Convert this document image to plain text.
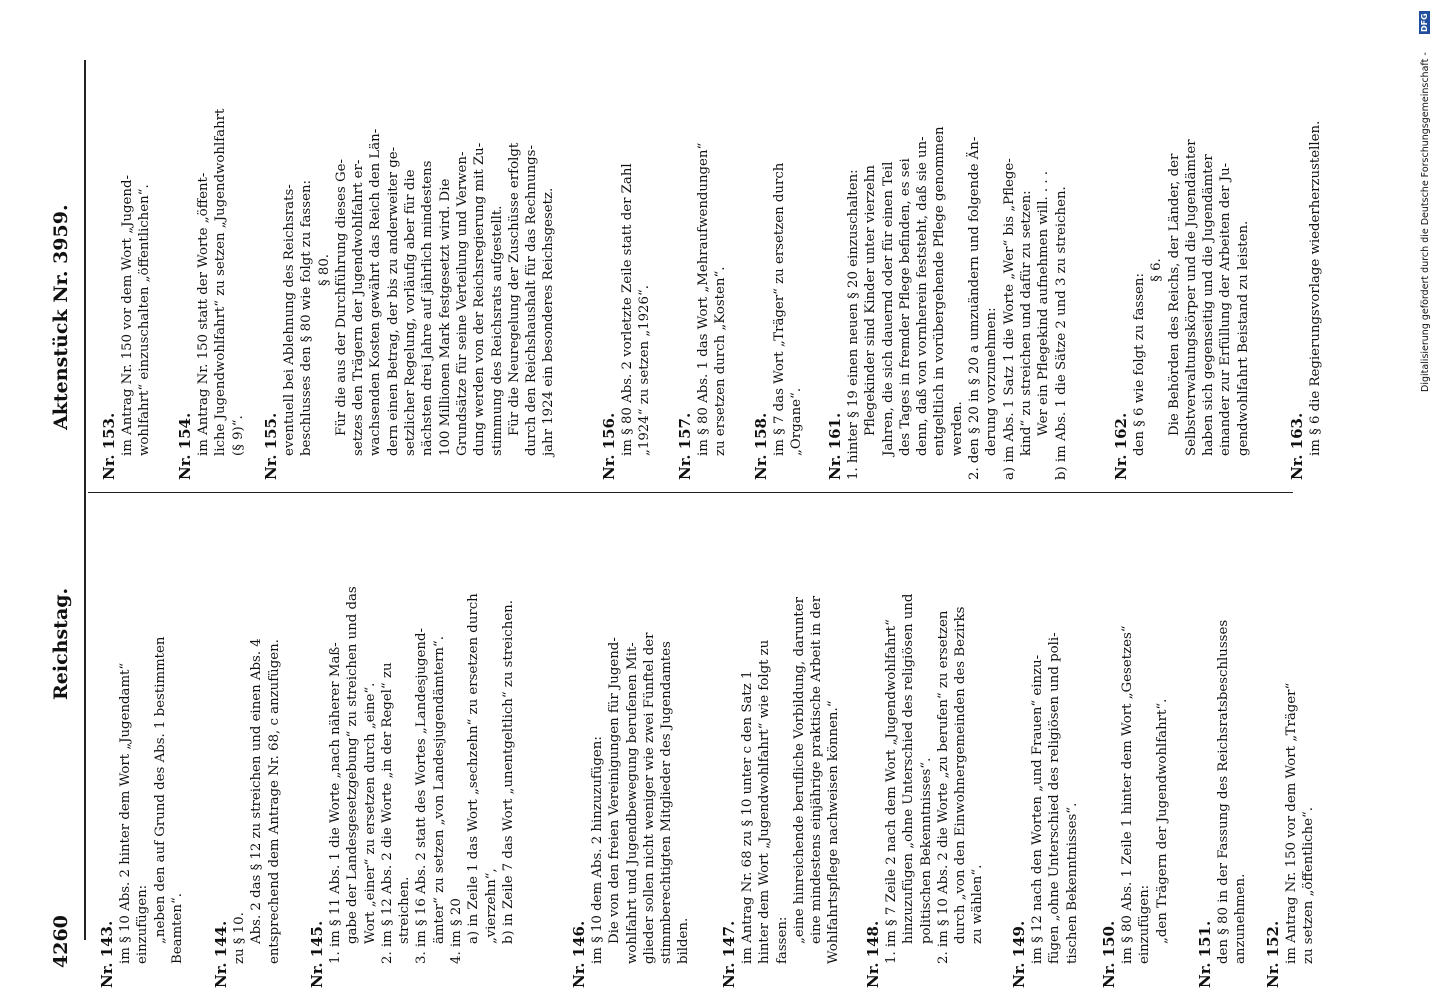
4260
Reichstag.
Aktenstück Nr. 3959.
Nr. 143. im § 10 Abs. 2 hinter dem Wort „Jugendamt“ einzufügen: „neben den auf Grund des Abs. 1 bestimmten Beamten“. Nr. 144. zu § 10. Abs. 2 das § 12 zu streichen und einen Abs. 4 entsprechend dem Antrage Nr. 68, c anzufügen. Nr. 145. 1. im § 11 Abs. 1 die Worte „nach näherer Maß- gabe der Landesgesetzgebung“ zu streichen und das Wort „einer“ zu ersetzen durch „eine“. 2. im § 12 Abs. 2 die Worte „in der Regel“ zu streichen. 3. im § 16 Abs. 2 statt des Wortes „Landesjugend- ämter“ zu setzen „von Landesjugendämtern“. 4. im § 20 a) in Zeile 1 das Wort „sechzehn“ zu ersetzen durch „vierzehn“, b) in Zeile 7 das Wort „unentgeltlich“ zu streichen.
Nr. 146. im § 10 dem Abs. 2 hinzuzufügen: Die von den freien Vereinigungen für Jugend- wohlfahrt und Jugendbewegung berufenen Mit- glieder sollen nicht weniger wie zwei Fünftel der stimmberechtigten Mitglieder des Jugendamtes bilden. Nr. 147. im Antrag Nr. 68 zu § 10 unter c den Satz 1 hinter dem Wort „Jugendwohlfahrt“ wie folgt zu fassen: „eine hinreichende berufliche Vorbildung, darunter eine mindestens einjährige praktische Arbeit in der Wohlfahrtspflege nachweisen können.“ Nr. 148. 1. im § 7 Zeile 2 nach dem Wort „Jugendwohlfahrt“ hinzuzufügen „ohne Unterschied des religiösen und politischen Bekenntnisses“. 2. im § 10 Abs. 2 die Worte „zu berufen“ zu ersetzen durch „von den Einwohnergemeinden des Bezirks zu wählen“.
Nr. 149. im § 12 nach den Worten „und Frauen“ einzu- fügen „ohne Unterschied des religiösen und poli- tischen Bekenntnisses“. Nr. 150. im § 80 Abs. 1 Zeile 1 hinter dem Wort „Gesetzes“ einzufügen: „den Trägern der Jugendwohlfahrt“.
Nr. 151. den § 80 in der Fassung des Reichsratsbeschlusses anzunehmen. Nr. 152. im Antrag Nr. 150 vor dem Wort „Träger“ zu setzen „öffentliche“.
Nr. 153. im Antrag Nr. 150 vor dem Wort „Jugend- wohlfahrt“ einzuschalten „öffentlichen“. Nr. 154. im Antrag Nr. 150 statt der Worte „öffent- liche Jugendwohlfahrt“ zu setzen „Jugendwohlfahrt (§ 9)“. Nr. 155. eventuell bei Ablehnung des Reichsrats- beschlusses den § 80 wie folgt zu fassen: § 80. Für die aus der Durchführung dieses Ge- setzes den Trägern der Jugendwohlfahrt er- wachsenden Kosten gewährt das Reich den Län- dern einen Betrag, der bis zu anderweiter ge- setzlicher Regelung, vorläufig aber für die nächsten drei Jahre auf jährlich mindestens 100 Millionen Mark festgesetzt wird. Die Grundsätze für seine Verteilung und Verwen- dung werden von der Reichsregierung mit Zu- stimmung des Reichsrats aufgestellt. Für die Neuregelung der Zuschüsse erfolgt durch den Reichshaushalt für das Rechnungs- jahr 1924 ein besonderes Reichsgesetz.	Nr. 156. im § 80 Abs. 2 vorletzte Zeile statt der Zahl „1924“ zu setzen „1926“. Nr. 157. im § 80 Abs. 1 das Wort „Mehraufwendungen“ zu ersetzen durch „Kosten“. Nr. 158. im § 7 das Wort „Träger“ zu ersetzen durch „Organe“. Nr. 161. 1. hinter § 19 einen neuen § 20 einzuschalten: Pflegekinder sind Kinder unter vierzehn Jahren, die sich dauernd oder für einen Teil des Tages in fremder Pflege befinden, es sei denn, daß von vornherein feststeht, daß sie un- entgeltlich in vorübergehende Pflege genommen werden. 2. den § 20 in § 20 a umzuändern und folgende Än- derung vorzunehmen: a) im Abs. 1 Satz 1 die Worte „Wer“ bis „Pflege- kind“ zu streichen und dafür zu setzen: Wer ein Pflegekind aufnehmen will. . . . b) im Abs. 1 die Sätze 2 und 3 zu streichen.	Nr. 162. den § 6 wie folgt zu fassen:
§ 6. Die Behörden des Reichs, der Länder, der Selbstverwaltungskörper und die Jugendämter haben sich gegenseitig und die Jugendämter einander zur Erfüllung der Arbeiten der Ju- gendwohlfahrt Beistand zu leisten. Nr. 163. im § 6 die Regierungsvorlage wiederherzustellen.
DFG
Digitalisierung gefördert durch die Deutsche Forschungsgemeinschaft -
